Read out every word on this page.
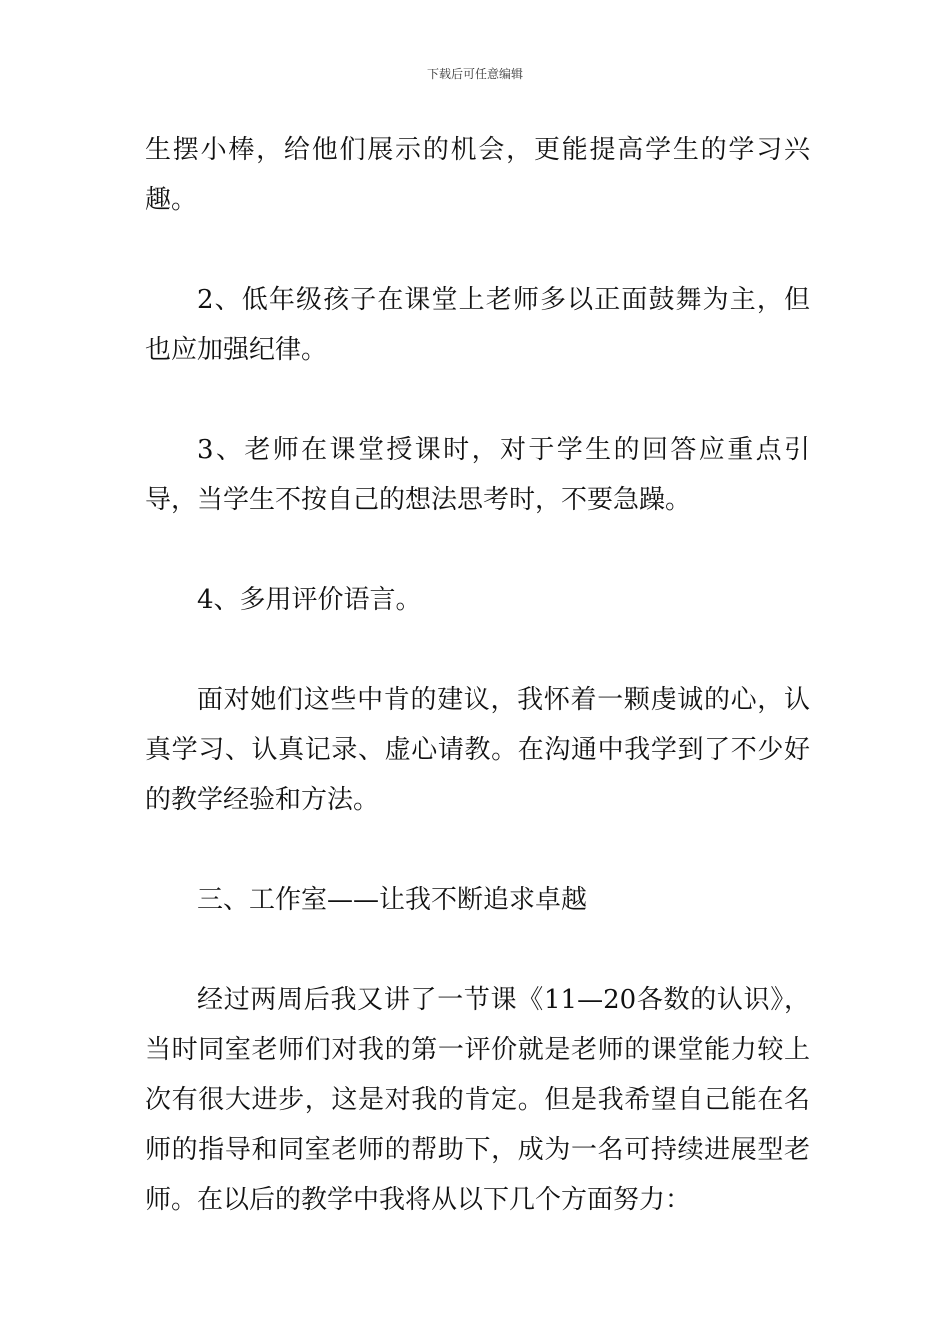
下载后可任意编辑

生摆小棒，给他们展示的机会，更能提高学生的学习兴趣。

2、低年级孩子在课堂上老师多以正面鼓舞为主，但也应加强纪律。

3、老师在课堂授课时，对于学生的回答应重点引导，当学生不按自己的想法思考时，不要急躁。

4、多用评价语言。

面对她们这些中肯的建议，我怀着一颗虔诚的心，认真学习、认真记录、虚心请教。在沟通中我学到了不少好的教学经验和方法。

三、工作室——让我不断追求卓越

经过两周后我又讲了一节课《11—20各数的认识》，当时同室老师们对我的第一评价就是老师的课堂能力较上次有很大进步，这是对我的肯定。但是我希望自己能在名师的指导和同室老师的帮助下，成为一名可持续进展型老师。在以后的教学中我将从以下几个方面努力：
